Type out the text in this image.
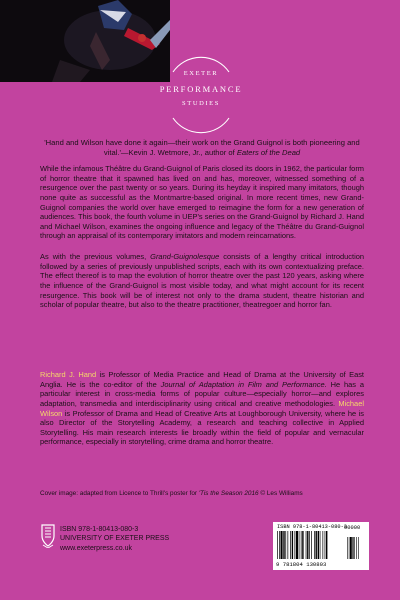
EXETER
PERFORMANCE
STUDIES

'Hand and Wilson have done it again—their work on the Grand Guignol is both pioneering and vital.'—Kevin J. Wetmore, Jr., author of Eaters of the Dead

While the infamous Théâtre du Grand-Guignol of Paris closed its doors in 1962, the particular form of horror theatre that it spawned has lived on and has, moreover, witnessed something of a resurgence over the past twenty or so years. During its heyday it inspired many imitators, though none quite as successful as the Montmartre-based original. In more recent times, new Grand-Guignol companies the world over have emerged to reimagine the form for a new generation of audiences. This book, the fourth volume in UEP's series on the Grand-Guignol by Richard J. Hand and Michael Wilson, examines the ongoing influence and legacy of the Théâtre du Grand-Guignol through an appraisal of its contemporary imitators and modern reincarnations.

As with the previous volumes, Grand-Guignolesque consists of a lengthy critical introduction followed by a series of previously unpublished scripts, each with its own contextualizing preface. The effect thereof is to map the evolution of horror theatre over the past 120 years, asking where the influence of the Grand-Guignol is most visible today, and what might account for its recent resurgence. This book will be of interest not only to the drama student, theatre historian and scholar of popular theatre, but also to the theatre practitioner, theatregoer and horror fan.

Richard J. Hand is Professor of Media Practice and Head of Drama at the University of East Anglia. He is the co-editor of the Journal of Adaptation in Film and Performance. He has a particular interest in cross-media forms of popular culture—especially horror—and explores adaptation, transmedia and interdisciplinarity using critical and creative methodologies. Michael Wilson is Professor of Drama and Head of Creative Arts at Loughborough University, where he is also Director of the Storytelling Academy, a research and teaching collective in Applied Storytelling. His main research interests lie broadly within the field of popular and vernacular performance, especially in storytelling, crime drama and horror theatre.

Cover image: adapted from Licence to Thrill's poster for 'Tis the Season 2016 © Les Williams
ISBN 978-1-80413-080-3
UNIVERSITY OF EXETER PRESS
www.exeterpress.co.uk
ISBN 978-1-80413-080-3
90000
9 781804 130803
